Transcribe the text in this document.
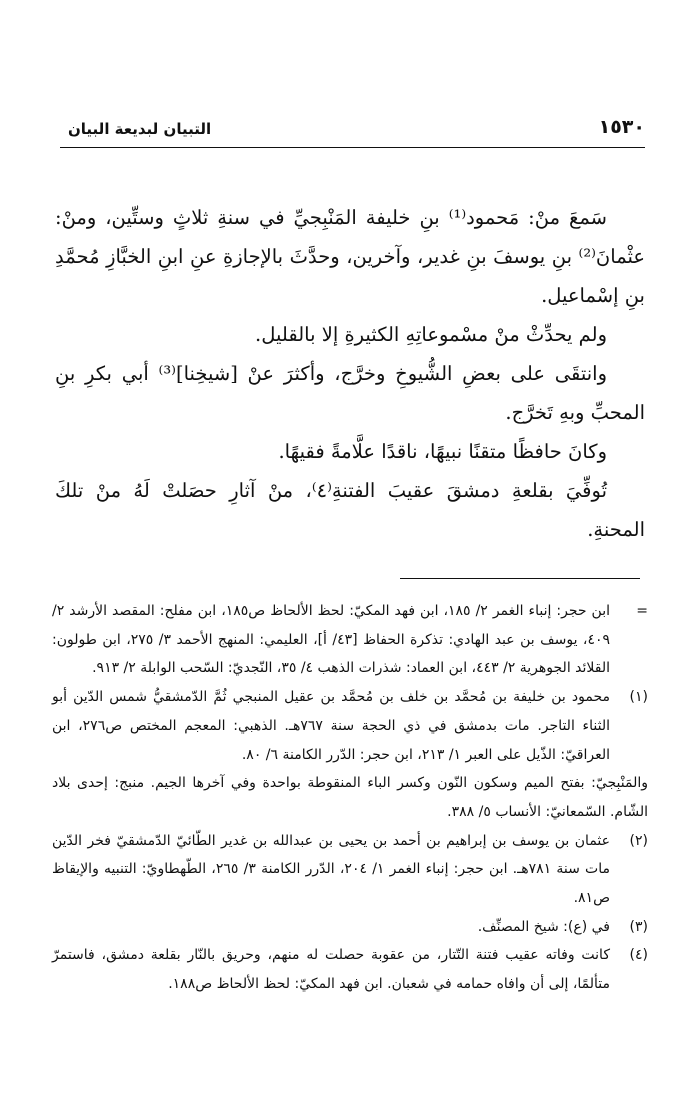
التبيان لبديعة البيان	١٥٣٠

سَمعَ منْ: مَحمود⁽¹⁾ بنِ خليفة المَنْبِجيِّ في سنةِ ثلاثٍ وستِّين، ومنْ: عثْمانَ⁽²⁾ بنِ يوسفَ بنِ غدير، وآخرين، وحدَّثَ بالإجازةِ عنِ ابنِ الخبَّازِ مُحمَّدِ بنِ إسْماعيل.

ولم يحدِّثْ منْ مسْموعاتِهِ الكثيرةِ إلا بالقليل.

وانتقَى على بعضِ الشُّيوخِ وخرَّج، وأكثرَ عنْ [شيخِنا]⁽³⁾ أبي بكرِ بنِ المحبِّ وبهِ تَخرَّج.

وكانَ حافظًا متقنًا نبيهًا، ناقدًا علَّامةً فقيهًا.

تُوفِّيَ بقلعةِ دمشقَ عقيبَ الفتنةِ⁽٤⁾، منْ آثارِ حصَلتْ لَهُ منْ تلكَ المحنةِ.

=
ابن حجر: إنباء الغمر ٢/ ١٨٥، ابن فهد المكيّ: لحظ الألحاظ ص١٨٥، ابن مفلح: المقصد الأرشد ٢/ ٤٠٩، يوسف بن عبد الهادي: تذكرة الحفاظ [٤٣/ أ]، العليمي: المنهج الأحمد ٣/ ٢٧٥، ابن طولون: القلائد الجوهرية ٢/ ٤٤٣، ابن العماد: شذرات الذهب ٤/ ٣٥، النّجديّ: السّحب الوابلة ٢/ ٩١٣.

(١)
محمود بن خليفة بن مُحمَّد بن خلف بن مُحمَّد بن عقيل المنبجي ثُمَّ الدّمشقيُّ شمس الدّين أبو الثناء التاجر. مات بدمشق في ذي الحجة سنة ٧٦٧هـ. الذهبي: المعجم المختص ص٢٧٦، ابن العراقيّ: الذّيل على العبر ١/ ٢١٣، ابن حجر: الدّرر الكامنة ٦/ ٨٠.

والمَنْبِجيّ: بفتح الميم وسكون النّون وكسر الباء المنقوطة بواحدة وفي آخرها الجيم. منبج: إحدى بلاد الشّام. السّمعانيّ: الأنساب ٥/ ٣٨٨.

(٢)
عثمان بن يوسف بن إبراهيم بن أحمد بن يحيى بن عبدالله بن غدير الطّائيّ الدّمشقيّ فخر الدّين مات سنة ٧٨١هـ. ابن حجر: إنباء الغمر ١/ ٢٠٤، الدّرر الكامنة ٣/ ٢٦٥، الطّهطاويّ: التنبيه والإيقاظ ص٨١.

(٣)
في (ع): شيخ المصنِّف.

(٤)
كانت وفاته عقيب فتنة التّتار، من عقوبة حصلت له منهم، وحريق بالنّار بقلعة دمشق، فاستمرّ متألمًا، إلى أن وافاه حمامه في شعبان. ابن فهد المكيّ: لحظ الألحاظ ص١٨٨.
